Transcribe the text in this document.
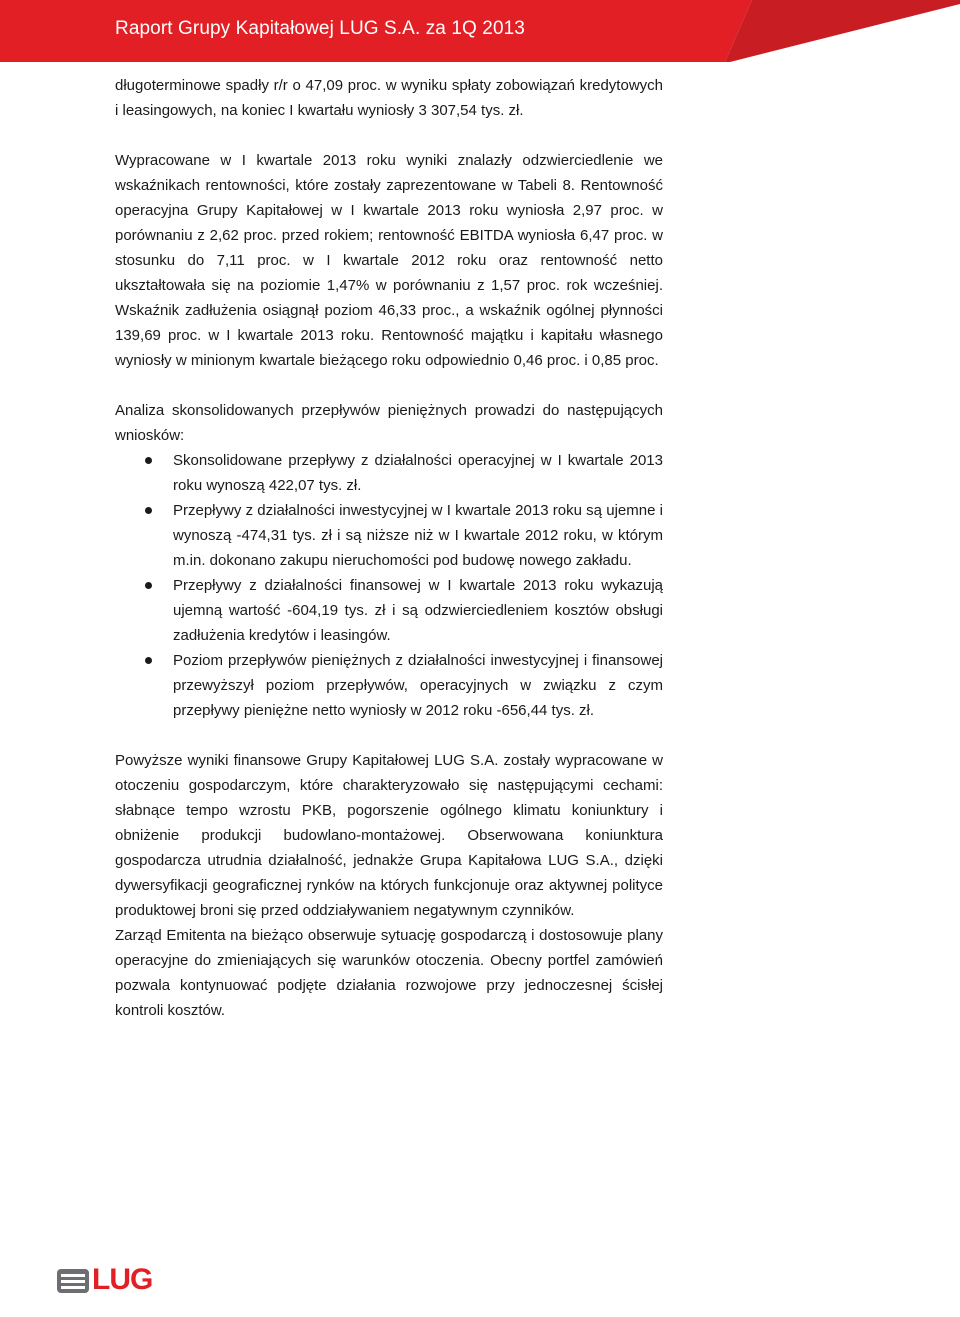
Raport Grupy Kapitałowej LUG S.A. za 1Q 2013

długoterminowe spadły r/r o 47,09 proc. w wyniku spłaty zobowiązań kredytowych i leasingowych, na koniec I kwartału wyniosły 3 307,54 tys. zł.

Wypracowane w I kwartale 2013 roku wyniki znalazły odzwierciedlenie we wskaźnikach rentowności, które zostały zaprezentowane w Tabeli 8. Rentowność operacyjna Grupy Kapitałowej w I kwartale 2013 roku wyniosła 2,97 proc. w porównaniu z 2,62 proc. przed rokiem; rentowność EBITDA wyniosła 6,47 proc. w stosunku do 7,11 proc. w I kwartale 2012 roku oraz rentowność netto ukształtowała się na poziomie 1,47% w porównaniu z 1,57 proc. rok wcześniej. Wskaźnik zadłużenia osiągnął poziom 46,33 proc., a wskaźnik ogólnej płynności 139,69 proc. w I kwartale 2013 roku. Rentowność majątku i kapitału własnego wyniosły w minionym kwartale bieżącego roku odpowiednio 0,46 proc. i 0,85 proc.

Analiza skonsolidowanych przepływów pieniężnych prowadzi do następujących wniosków:

Skonsolidowane przepływy z działalności operacyjnej w I kwartale 2013 roku wynoszą 422,07 tys. zł.
Przepływy z działalności inwestycyjnej w I kwartale 2013 roku są ujemne i wynoszą -474,31 tys. zł i są niższe niż w I kwartale 2012 roku, w którym m.in. dokonano zakupu nieruchomości pod budowę nowego zakładu.
Przepływy z działalności finansowej w I kwartale 2013 roku wykazują ujemną wartość -604,19 tys. zł i są odzwierciedleniem kosztów obsługi zadłużenia kredytów i leasingów.
Poziom przepływów pieniężnych z działalności inwestycyjnej i finansowej przewyższył poziom przepływów, operacyjnych w związku z czym przepływy pieniężne netto wyniosły w 2012 roku -656,44 tys. zł.

Powyższe wyniki finansowe Grupy Kapitałowej LUG S.A. zostały wypracowane w otoczeniu gospodarczym, które charakteryzowało się następującymi cechami: słabnące tempo wzrostu PKB, pogorszenie ogólnego klimatu koniunktury i obniżenie produkcji budowlano-montażowej. Obserwowana koniunktura gospodarcza utrudnia działalność, jednakże Grupa Kapitałowa LUG S.A., dzięki dywersyfikacji geograficznej rynków na których funkcjonuje oraz aktywnej polityce produktowej broni się przed oddziaływaniem negatywnym czynników.

Zarząd Emitenta na bieżąco obserwuje sytuację gospodarczą i dostosowuje plany operacyjne do zmieniających się warunków otoczenia. Obecny portfel zamówień pozwala kontynuować podjęte działania rozwojowe przy jednoczesnej ścisłej kontroli kosztów.

LUG
